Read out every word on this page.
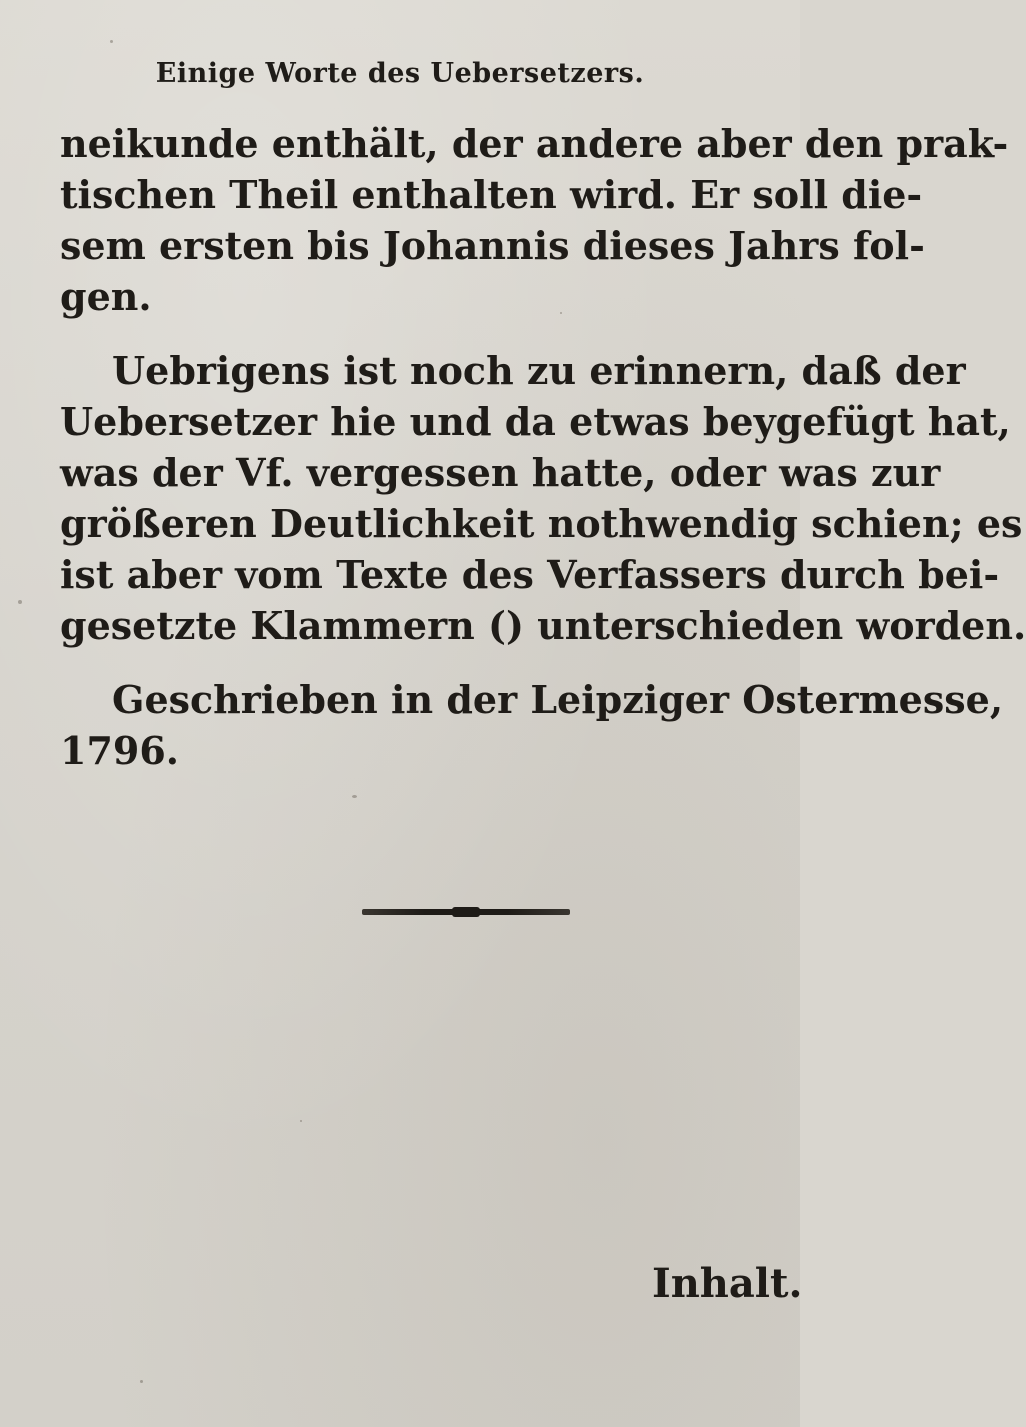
Einige Worte des Uebersetzers.
neikunde enthält, der andere aber den prak-
tischen Theil enthalten wird. Er soll die-
sem ersten bis Johannis dieses Jahrs fol-
gen.
Uebrigens ist noch zu erinnern, daß der
Uebersetzer hie und da etwas beygefügt hat,
was der Vf. vergessen hatte, oder was zur
größeren Deutlichkeit nothwendig schien; es
ist aber vom Texte des Verfassers durch bei-
gesetzte Klammern () unterschieden worden.
Geschrieben in der Leipziger Ostermesse,
1796.
Inhalt.
